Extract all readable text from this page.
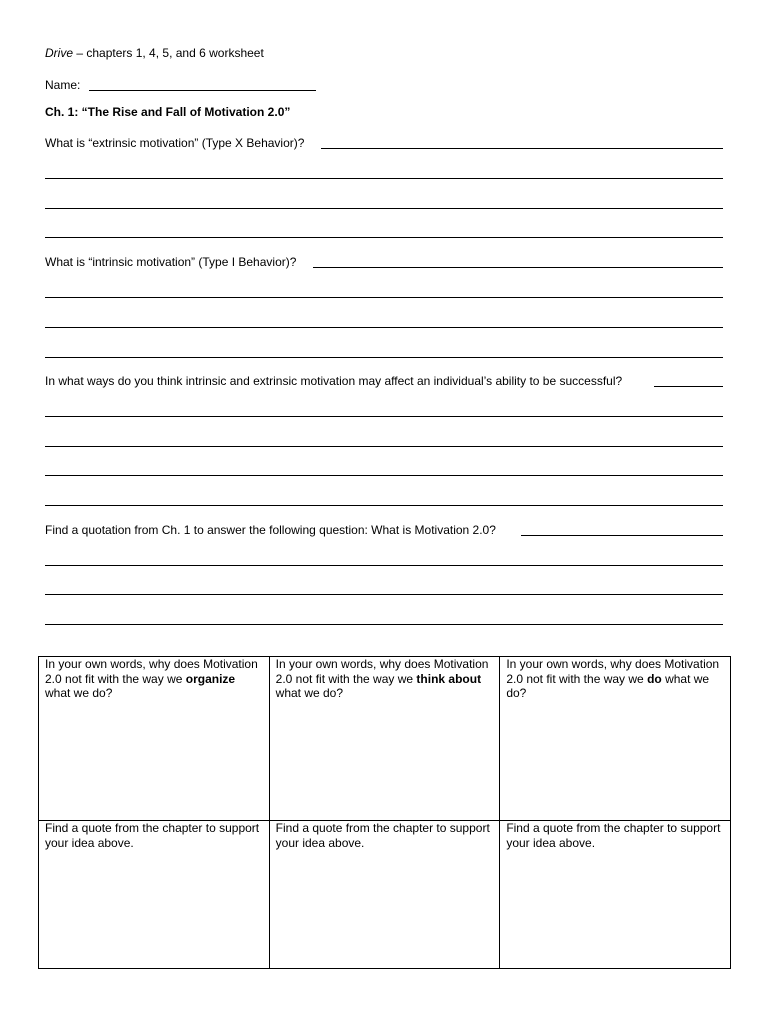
Drive – chapters 1, 4, 5, and 6 worksheet
Name:
Ch. 1: “The Rise and Fall of Motivation 2.0”
What is “extrinsic motivation” (Type X Behavior)?
What is “intrinsic motivation” (Type I Behavior)?
In what ways do you think intrinsic and extrinsic motivation may affect an individual’s ability to be successful?
Find a quotation from Ch. 1 to answer the following question: What is Motivation 2.0?
In your own words, why does Motivation 2.0 not fit with the way we organize what we do?	In your own words, why does Motivation 2.0 not fit with the way we think about what we do?	In your own words, why does Motivation 2.0 not fit with the way we do what we do?
Find a quote from the chapter to support your idea above.	Find a quote from the chapter to support your idea above.	Find a quote from the chapter to support your idea above.
